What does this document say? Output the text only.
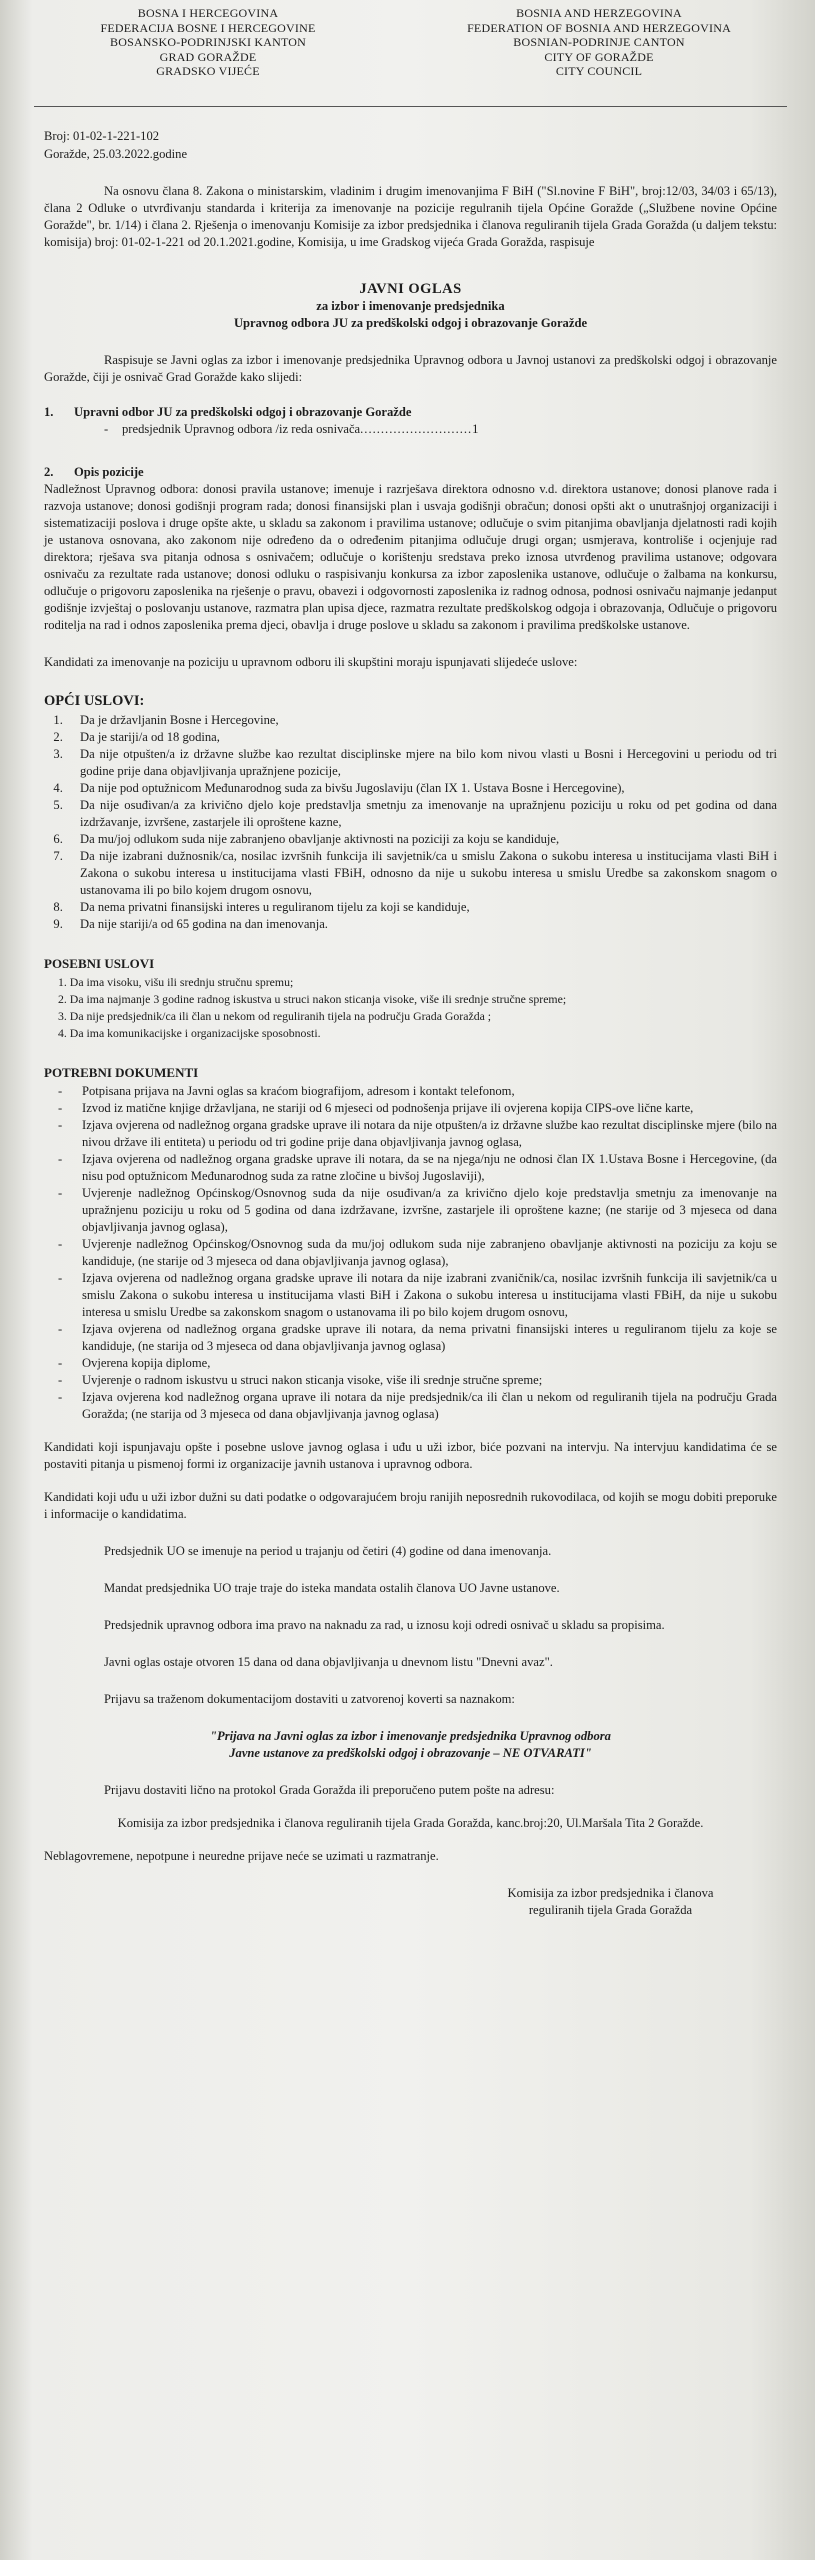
BOSNA I HERCEGOVINA
FEDERACIJA BOSNE I HERCEGOVINE
BOSANSKO-PODRINJSKI KANTON
GRAD GORAŽDE
GRADSKO VIJEĆE
BOSNIA AND HERZEGOVINA
FEDERATION OF BOSNIA AND HERZEGOVINA
BOSNIAN-PODRINJE CANTON
CITY OF GORAŽDE
CITY COUNCIL
Broj: 01-02-1-221-102
Goražde, 25.03.2022.godine

Na osnovu člana 8. Zakona o ministarskim, vladinim i drugim imenovanjima F BiH ("Sl.novine F BiH", broj:12/03, 34/03 i 65/13), člana 2 Odluke o utvrđivanju standarda i kriterija za imenovanje na pozicije regulranih tijela Općine Goražde („Službene novine Općine Goražde", br. 1/14) i člana 2. Rješenja o imenovanju Komisije za izbor predsjednika i članova reguliranih tijela Grada Goražda (u daljem tekstu: komisija) broj: 01-02-1-221 od 20.1.2021.godine, Komisija, u ime Gradskog vijeća Grada Goražda, raspisuje

JAVNI OGLAS
za izbor i imenovanje predsjednika
Upravnog odbora JU za predškolski odgoj i obrazovanje Goražde

Raspisuje se Javni oglas za izbor i imenovanje predsjednika Upravnog odbora u Javnoj ustanovi za predškolski odgoj i obrazovanje Goražde, čiji je osnivač Grad Goražde kako slijedi:

1. Upravni odbor JU za predškolski odgoj i obrazovanje Goražde
- predsjednik Upravnog odbora /iz reda osnivača...........................1
2. Opis pozicije

Nadležnost Upravnog odbora: donosi pravila ustanove; imenuje i razrješava direktora odnosno v.d. direktora ustanove; donosi planove rada i razvoja ustanove; donosi godišnji program rada; donosi finansijski plan i usvaja godišnji obračun; donosi opšti akt o unutrašnjoj organizaciji i sistematizaciji poslova i druge opšte akte, u skladu sa zakonom i pravilima ustanove; odlučuje o svim pitanjima obavljanja djelatnosti radi kojih je ustanova osnovana, ako zakonom nije određeno da o određenim pitanjima odlučuje drugi organ; usmjerava, kontroliše i ocjenjuje rad direktora; rješava sva pitanja odnosa s osnivačem; odlučuje o korištenju sredstava preko iznosa utvrđenog pravilima ustanove; odgovara osnivaču za rezultate rada ustanove; donosi odluku o raspisivanju konkursa za izbor zaposlenika ustanove, odlučuje o žalbama na konkursu, odlučuje o prigovoru zaposlenika na rješenje o pravu, obavezi i odgovornosti zaposlenika iz radnog odnosa, podnosi osnivaču najmanje jedanput godišnje izvještaj o poslovanju ustanove, razmatra plan upisa djece, razmatra rezultate predškolskog odgoja i obrazovanja, Odlučuje o prigovoru roditelja na rad i odnos zaposlenika prema djeci, obavlja i druge poslove u skladu sa zakonom i pravilima predškolske ustanove.

Kandidati za imenovanje na poziciju u upravnom odboru ili skupštini moraju ispunjavati slijedeće uslove:

OPĆI USLOVI:
1. Da je državljanin Bosne i Hercegovine,
2. Da je stariji/a od 18 godina,
3. Da nije otpušten/a iz državne službe kao rezultat disciplinske mjere na bilo kom nivou vlasti u Bosni i Hercegovini u periodu od tri godine prije dana objavljivanja upražnjene pozicije,
4. Da nije pod optužnicom Međunarodnog suda za bivšu Jugoslaviju (član IX 1. Ustava Bosne i Hercegovine),
5. Da nije osuđivan/a za krivično djelo koje predstavlja smetnju za imenovanje na upražnjenu poziciju u roku od pet godina od dana izdržavanje, izvršene, zastarjele ili oproštene kazne,
6. Da mu/joj odlukom suda nije zabranjeno obavljanje aktivnosti na poziciji za koju se kandiduje,
7. Da nije izabrani dužnosnik/ca, nosilac izvršnih funkcija ili savjetnik/ca u smislu Zakona o sukobu interesa u institucijama vlasti BiH i Zakona o sukobu interesa u institucijama vlasti FBiH, odnosno da nije u sukobu interesa u smislu Uredbe sa zakonskom snagom o ustanovama ili po bilo kojem drugom osnovu,
8. Da nema privatni finansijski interes u reguliranom tijelu za koji se kandiduje,
9. Da nije stariji/a od 65 godina na dan imenovanja.
POSEBNI USLOVI
1. Da ima visoku, višu ili srednju stručnu spremu;
2. Da ima najmanje 3 godine radnog iskustva u struci nakon sticanja visoke, više ili srednje stručne spreme;
3. Da nije predsjednik/ca ili član u nekom od reguliranih tijela na području Grada Goražda ;
4. Da ima komunikacijske i organizacijske sposobnosti.
POTREBNI DOKUMENTI
- Potpisana prijava na Javni oglas sa kraćom biografijom, adresom i kontakt telefonom,
- Izvod iz matične knjige državljana, ne stariji od 6 mjeseci od podnošenja prijave ili ovjerena kopija CIPS-ove lične karte,
- Izjava ovjerena od nadležnog organa gradske uprave ili notara da nije otpušten/a iz državne službe kao rezultat disciplinske mjere (bilo na nivou države ili entiteta) u periodu od tri godine prije dana objavljivanja javnog oglasa,
- Izjava ovjerena od nadležnog organa gradske uprave ili notara, da se na njega/nju ne odnosi član IX 1.Ustava Bosne i Hercegovine, (da nisu pod optužnicom Međunarodnog suda za ratne zločine u bivšoj Jugoslaviji),
- Uvjerenje nadležnog Općinskog/Osnovnog suda da nije osuđivan/a za krivično djelo koje predstavlja smetnju za imenovanje na upražnjenu poziciju u roku od 5 godina od dana izdržavane, izvršne, zastarjele ili oproštene kazne; (ne starije od 3 mjeseca od dana objavljivanja javnog oglasa),
- Uvjerenje nadležnog Općinskog/Osnovnog suda da mu/joj odlukom suda nije zabranjeno obavljanje aktivnosti na poziciju za koju se kandiduje, (ne starije od 3 mjeseca od dana objavljivanja javnog oglasa),
- Izjava ovjerena od nadležnog organa gradske uprave ili notara da nije izabrani zvaničnik/ca, nosilac izvršnih funkcija ili savjetnik/ca u smislu Zakona o sukobu interesa u institucijama vlasti BiH i Zakona o sukobu interesa u institucijama vlasti FBiH, da nije u sukobu interesa u smislu Uredbe sa zakonskom snagom o ustanovama ili po bilo kojem drugom osnovu,
- Izjava ovjerena od nadležnog organa gradske uprave ili notara, da nema privatni finansijski interes u reguliranom tijelu za koje se kandiduje, (ne starija od 3 mjeseca od dana objavljivanja javnog oglasa)
- Ovjerena kopija diplome,
- Uvjerenje o radnom iskustvu u struci nakon sticanja visoke, više ili srednje stručne spreme;
- Izjava ovjerena kod nadležnog organa uprave ili notara da nije predsjednik/ca ili član u nekom od reguliranih tijela na području Grada Goražda; (ne starija od 3 mjeseca od dana objavljivanja javnog oglasa)

Kandidati koji ispunjavaju opšte i posebne uslove javnog oglasa i uđu u uži izbor, biće pozvani na intervju. Na intervjuu kandidatima će se postaviti pitanja u pismenoj formi iz organizacije javnih ustanova i upravnog odbora.

Kandidati koji uđu u uži izbor dužni su dati podatke o odgovarajućem broju ranijih neposrednih rukovodilaca, od kojih se mogu dobiti preporuke i informacije o kandidatima.

Predsjednik UO se imenuje na period u trajanju od četiri (4) godine od dana imenovanja.

Mandat predsjednika UO traje traje do isteka mandata ostalih članova UO Javne ustanove.

Predsjednik upravnog odbora ima pravo na naknadu za rad, u iznosu koji odredi osnivač u skladu sa propisima.

Javni oglas ostaje otvoren 15 dana od dana objavljivanja u dnevnom listu "Dnevni avaz".

Prijavu sa traženom dokumentacijom dostaviti u zatvorenoj koverti sa naznakom:

"Prijava na Javni oglas za izbor i imenovanje predsjednika Upravnog odbora
Javne ustanove za predškolski odgoj i obrazovanje – NE OTVARATI"

Prijavu dostaviti lično na protokol Grada Goražda ili preporučeno putem pošte na adresu:

Komisija za izbor predsjednika i članova reguliranih tijela Grada Goražda, kanc.broj:20, Ul.Maršala Tita 2 Goražde.

Neblagovremene, nepotpune i neuredne prijave neće se uzimati u razmatranje.

Komisija za izbor predsjednika i članova
reguliranih tijela Grada Goražda
